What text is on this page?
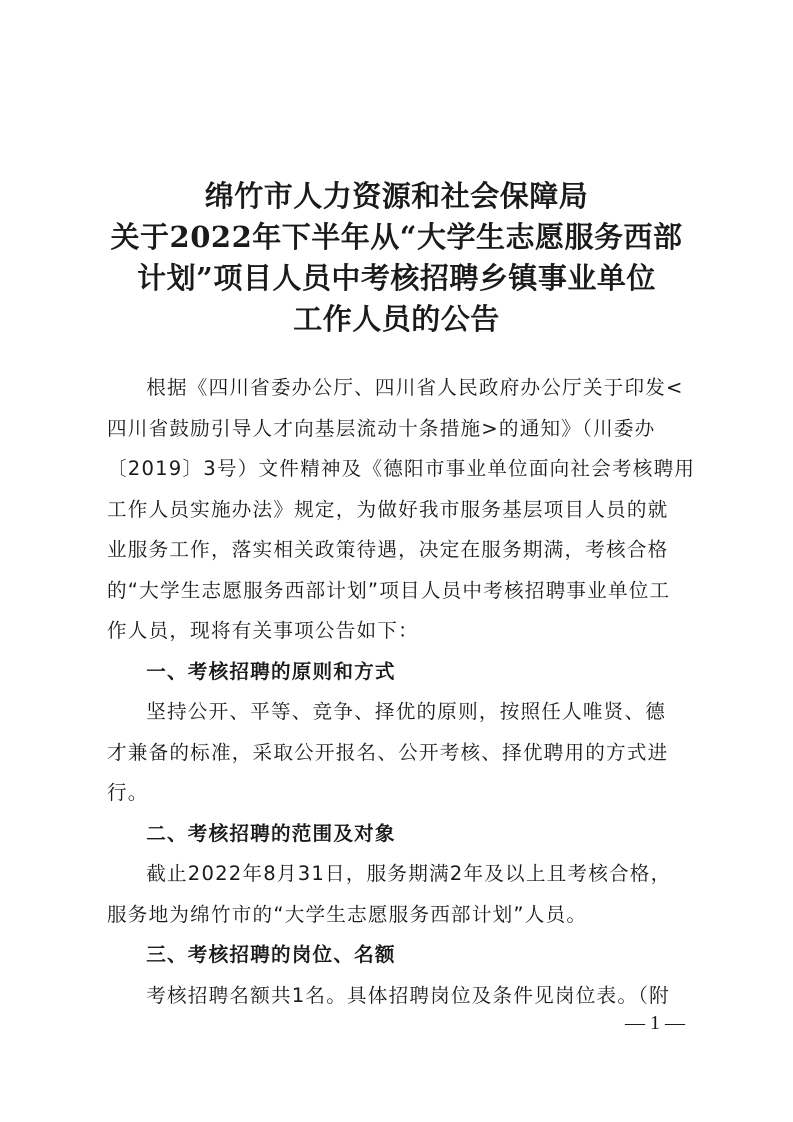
绵竹市人力资源和社会保障局
关于2022年下半年从“大学生志愿服务西部
计划”项目人员中考核招聘乡镇事业单位
工作人员的公告
根据《四川省委办公厅、四川省人民政府办公厅关于印发<
四川省鼓励引导人才向基层流动十条措施>的通知》（川委办
〔2019〕3号）文件精神及《德阳市事业单位面向社会考核聘用
工作人员实施办法》规定，为做好我市服务基层项目人员的就
业服务工作，落实相关政策待遇，决定在服务期满，考核合格
的“大学生志愿服务西部计划”项目人员中考核招聘事业单位工
作人员，现将有关事项公告如下：
一、考核招聘的原则和方式
坚持公开、平等、竞争、择优的原则，按照任人唯贤、德
才兼备的标准，采取公开报名、公开考核、择优聘用的方式进
行。
二、考核招聘的范围及对象
截止2022年8月31日，服务期满2年及以上且考核合格，
服务地为绵竹市的“大学生志愿服务西部计划”人员。
三、考核招聘的岗位、名额
考核招聘名额共1名。具体招聘岗位及条件见岗位表。（附
— 1 —
